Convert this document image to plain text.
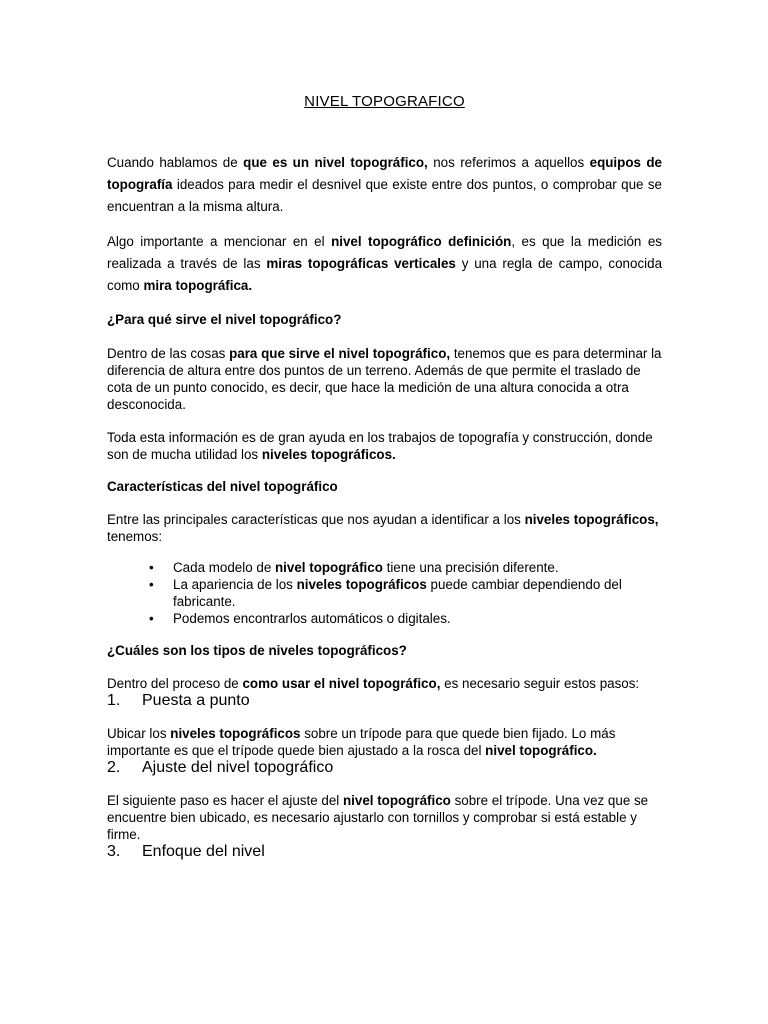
NIVEL TOPOGRAFICO

Cuando hablamos de que es un nivel topográfico, nos referimos a aquellos equipos de topografía ideados para medir el desnivel que existe entre dos puntos, o comprobar que se encuentran a la misma altura.

Algo importante a mencionar en el nivel topográfico definición, es que la medición es realizada a través de las miras topográficas verticales y una regla de campo, conocida como mira topográfica.

¿Para qué sirve el nivel topográfico?

Dentro de las cosas para que sirve el nivel topográfico, tenemos que es para determinar la diferencia de altura entre dos puntos de un terreno. Además de que permite el traslado de cota de un punto conocido, es decir, que hace la medición de una altura conocida a otra desconocida.

Toda esta información es de gran ayuda en los trabajos de topografía y construcción, donde son de mucha utilidad los niveles topográficos.

Características del nivel topográfico

Entre las principales características que nos ayudan a identificar a los niveles topográficos, tenemos:

• Cada modelo de nivel topográfico tiene una precisión diferente.
• La apariencia de los niveles topográficos puede cambiar dependiendo del fabricante.
• Podemos encontrarlos automáticos o digitales.
¿Cuáles son los tipos de niveles topográficos?

Dentro del proceso de como usar el nivel topográfico, es necesario seguir estos pasos:

1.	Puesta a punto

Ubicar los niveles topográficos sobre un trípode para que quede bien fijado. Lo más importante es que el trípode quede bien ajustado a la rosca del nivel topográfico.

2.	Ajuste del nivel topográfico

El siguiente paso es hacer el ajuste del nivel topográfico sobre el trípode. Una vez que se encuentre bien ubicado, es necesario ajustarlo con tornillos y comprobar si está estable y firme.

3.	Enfoque del nivel
